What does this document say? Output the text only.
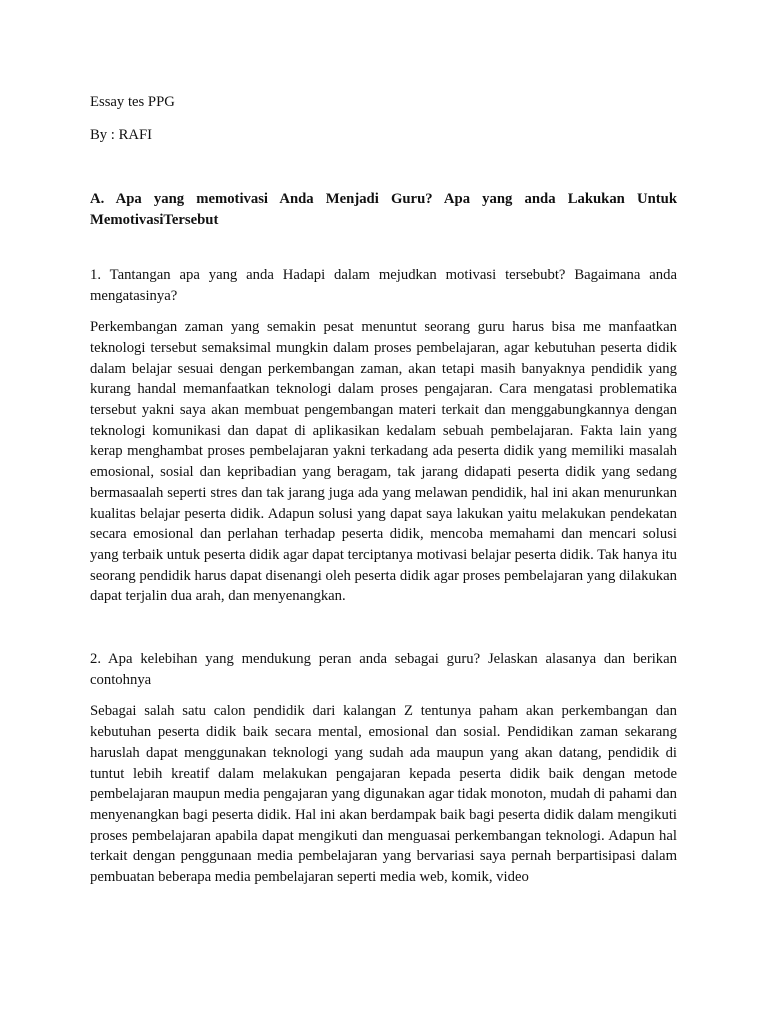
Essay tes PPG

By : RAFI

A. Apa yang memotivasi Anda Menjadi Guru? Apa yang anda Lakukan Untuk MemotivasiTersebut

1. Tantangan apa yang anda Hadapi dalam mejudkan motivasi tersebubt? Bagaimana anda mengatasinya?

Perkembangan zaman yang semakin pesat menuntut seorang guru harus bisa me manfaatkan teknologi tersebut semaksimal mungkin dalam proses pembelajaran, agar kebutuhan peserta didik dalam belajar sesuai dengan perkembangan zaman, akan tetapi masih banyaknya pendidik yang kurang handal memanfaatkan teknologi dalam proses pengajaran. Cara mengatasi problematika tersebut yakni saya akan membuat pengembangan materi terkait dan menggabungkannya dengan teknologi komunikasi dan dapat di aplikasikan kedalam sebuah pembelajaran. Fakta lain yang kerap menghambat proses pembelajaran yakni terkadang ada peserta didik yang memiliki masalah emosional, sosial dan kepribadian yang beragam, tak jarang didapati peserta didik yang sedang bermasaalah seperti stres dan tak jarang juga ada yang melawan pendidik, hal ini akan menurunkan kualitas belajar peserta didik. Adapun solusi yang dapat saya lakukan yaitu melakukan pendekatan secara emosional dan perlahan terhadap peserta didik, mencoba memahami dan mencari solusi yang terbaik untuk peserta didik agar dapat terciptanya motivasi belajar peserta didik. Tak hanya itu seorang pendidik harus dapat disenangi oleh peserta didik agar proses pembelajaran yang dilakukan dapat terjalin dua arah, dan menyenangkan.

2. Apa kelebihan yang mendukung peran anda sebagai guru? Jelaskan alasanya dan berikan contohnya

Sebagai salah satu calon pendidik dari kalangan Z tentunya paham akan perkembangan dan kebutuhan peserta didik baik secara mental, emosional dan sosial. Pendidikan zaman sekarang haruslah dapat menggunakan teknologi yang sudah ada maupun yang akan datang, pendidik di tuntut lebih kreatif dalam melakukan pengajaran kepada peserta didik baik dengan metode pembelajaran maupun media pengajaran yang digunakan agar tidak monoton, mudah di pahami dan menyenangkan bagi peserta didik. Hal ini akan berdampak baik bagi peserta didik dalam mengikuti proses pembelajaran apabila dapat mengikuti dan menguasai perkembangan teknologi. Adapun hal terkait dengan penggunaan media pembelajaran yang bervariasi saya pernah berpartisipasi dalam pembuatan beberapa media pembelajaran seperti media web, komik, video
